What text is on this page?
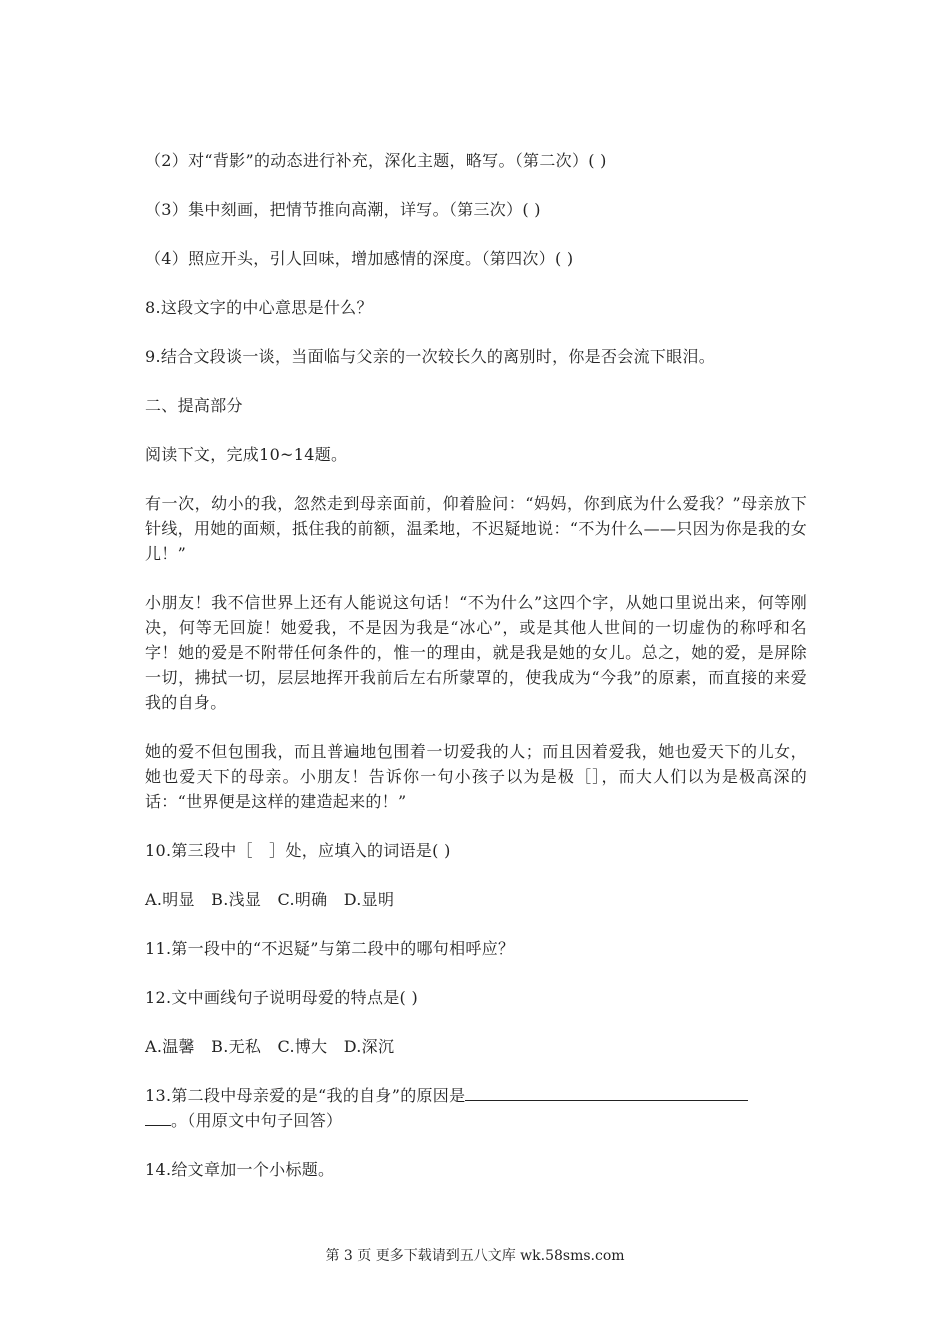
（2）对“背影”的动态进行补充，深化主题，略写。（第二次）( )

（3）集中刻画，把情节推向高潮，详写。（第三次）( )

（4）照应开头，引人回味，增加感情的深度。（第四次）( )

8.这段文字的中心意思是什么？

9.结合文段谈一谈，当面临与父亲的一次较长久的离别时，你是否会流下眼泪。

二、提高部分

阅读下文，完成10~14题。

有一次，幼小的我，忽然走到母亲面前，仰着脸问：“妈妈，你到底为什么爱我？”母亲放下针线，用她的面颊，抵住我的前额，温柔地，不迟疑地说：“不为什么——只因为你是我的女儿！”

小朋友！我不信世界上还有人能说这句话！“不为什么”这四个字，从她口里说出来，何等刚决，何等无回旋！她爱我，不是因为我是“冰心”，或是其他人世间的一切虚伪的称呼和名字！她的爱是不附带任何条件的，惟一的理由，就是我是她的女儿。总之，她的爱，是屏除一切，拂拭一切，层层地挥开我前后左右所蒙罩的，使我成为“今我”的原素，而直接的来爱我的自身。

她的爱不但包围我，而且普遍地包围着一切爱我的人；而且因着爱我，她也爱天下的儿女，她也爱天下的母亲。小朋友！告诉你一句小孩子以为是极［］，而大人们以为是极高深的话：“世界便是这样的建造起来的！”

10.第三段中［　］处，应填入的词语是( )

A.明显　B.浅显　C.明确　D.显明

11.第一段中的“不迟疑”与第二段中的哪句相呼应？

12.文中画线句子说明母爱的特点是( )

A.温馨　B.无私　C.博大　D.深沉

13.第二段中母亲爱的是“我的自身”的原因是
。（用原文中句子回答）

14.给文章加一个小标题。

第 3 页 更多下载请到五八文库 wk.58sms.com
